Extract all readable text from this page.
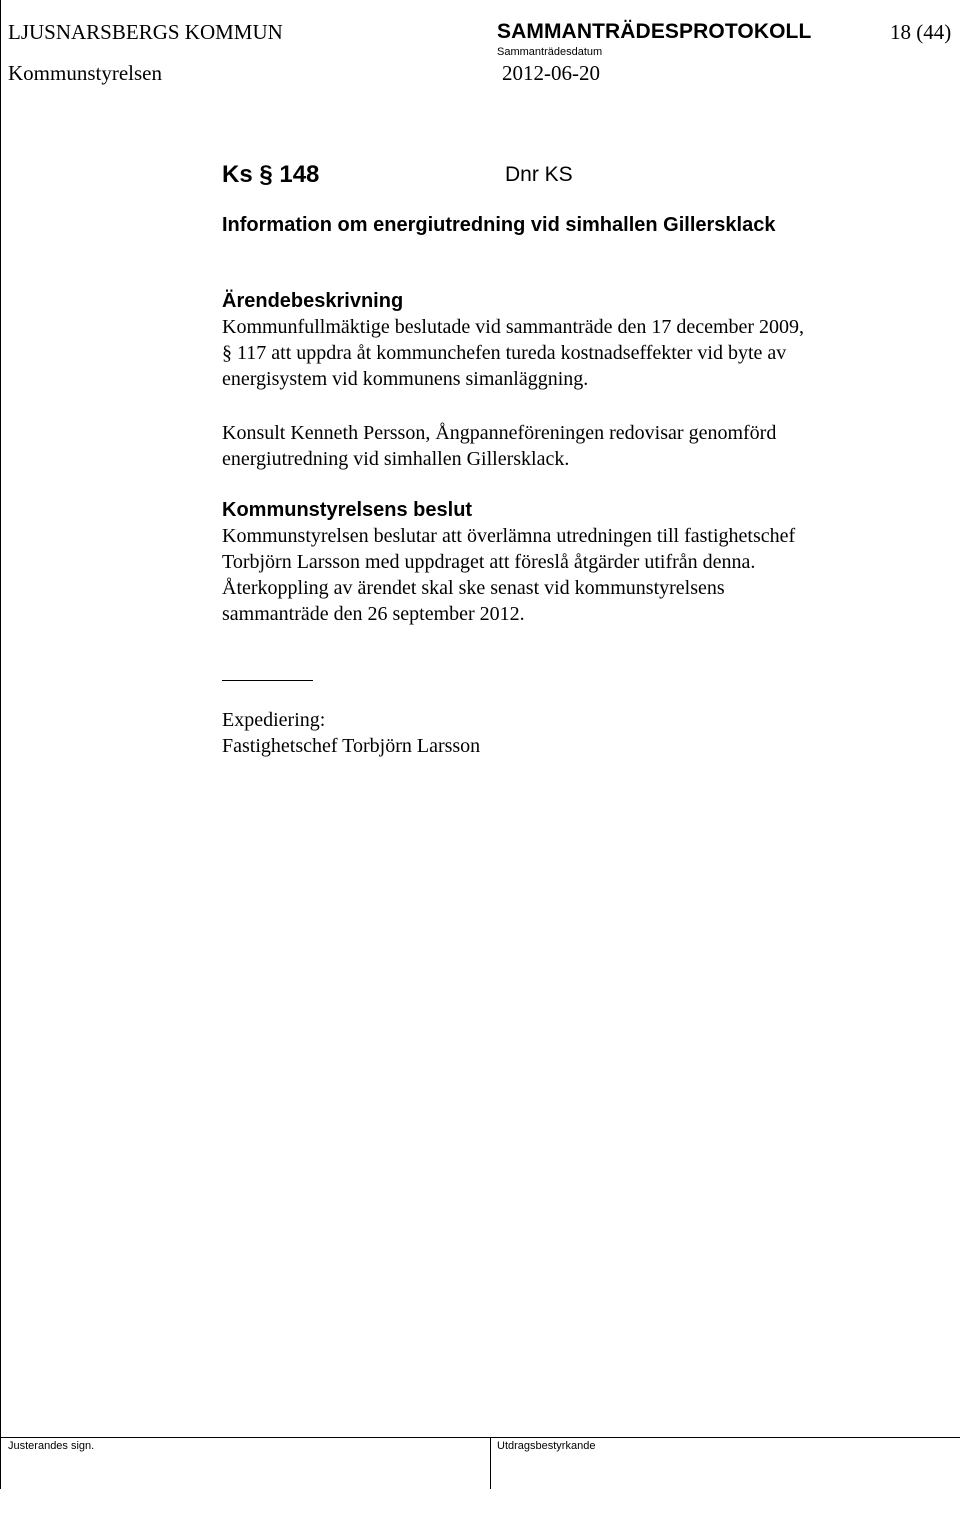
LJUSNARSBERGS KOMMUN	SAMMANTRÄDESPROTOKOLL	18 (44)
Sammanträdesdatum
Kommunstyrelsen	2012-06-20
Ks § 148	Dnr KS
Information om energiutredning vid simhallen Gillersklack
Ärendebeskrivning
Kommunfullmäktige beslutade vid sammanträde den 17 december 2009,
§ 117 att uppdra åt kommunchefen tureda kostnadseffekter vid byte av
energisystem vid kommunens simanläggning.
Konsult Kenneth Persson, Ångpanneföreningen redovisar genomförd
energiutredning vid simhallen Gillersklack.
Kommunstyrelsens beslut
Kommunstyrelsen beslutar att överlämna utredningen till fastighetschef
Torbjörn Larsson med uppdraget att föreslå åtgärder utifrån denna.
Återkoppling av ärendet skal ske senast vid kommunstyrelsens
sammanträde den 26 september 2012.
Expediering:
Fastighetschef Torbjörn Larsson
Justerandes sign.	Utdragsbestyrkande
